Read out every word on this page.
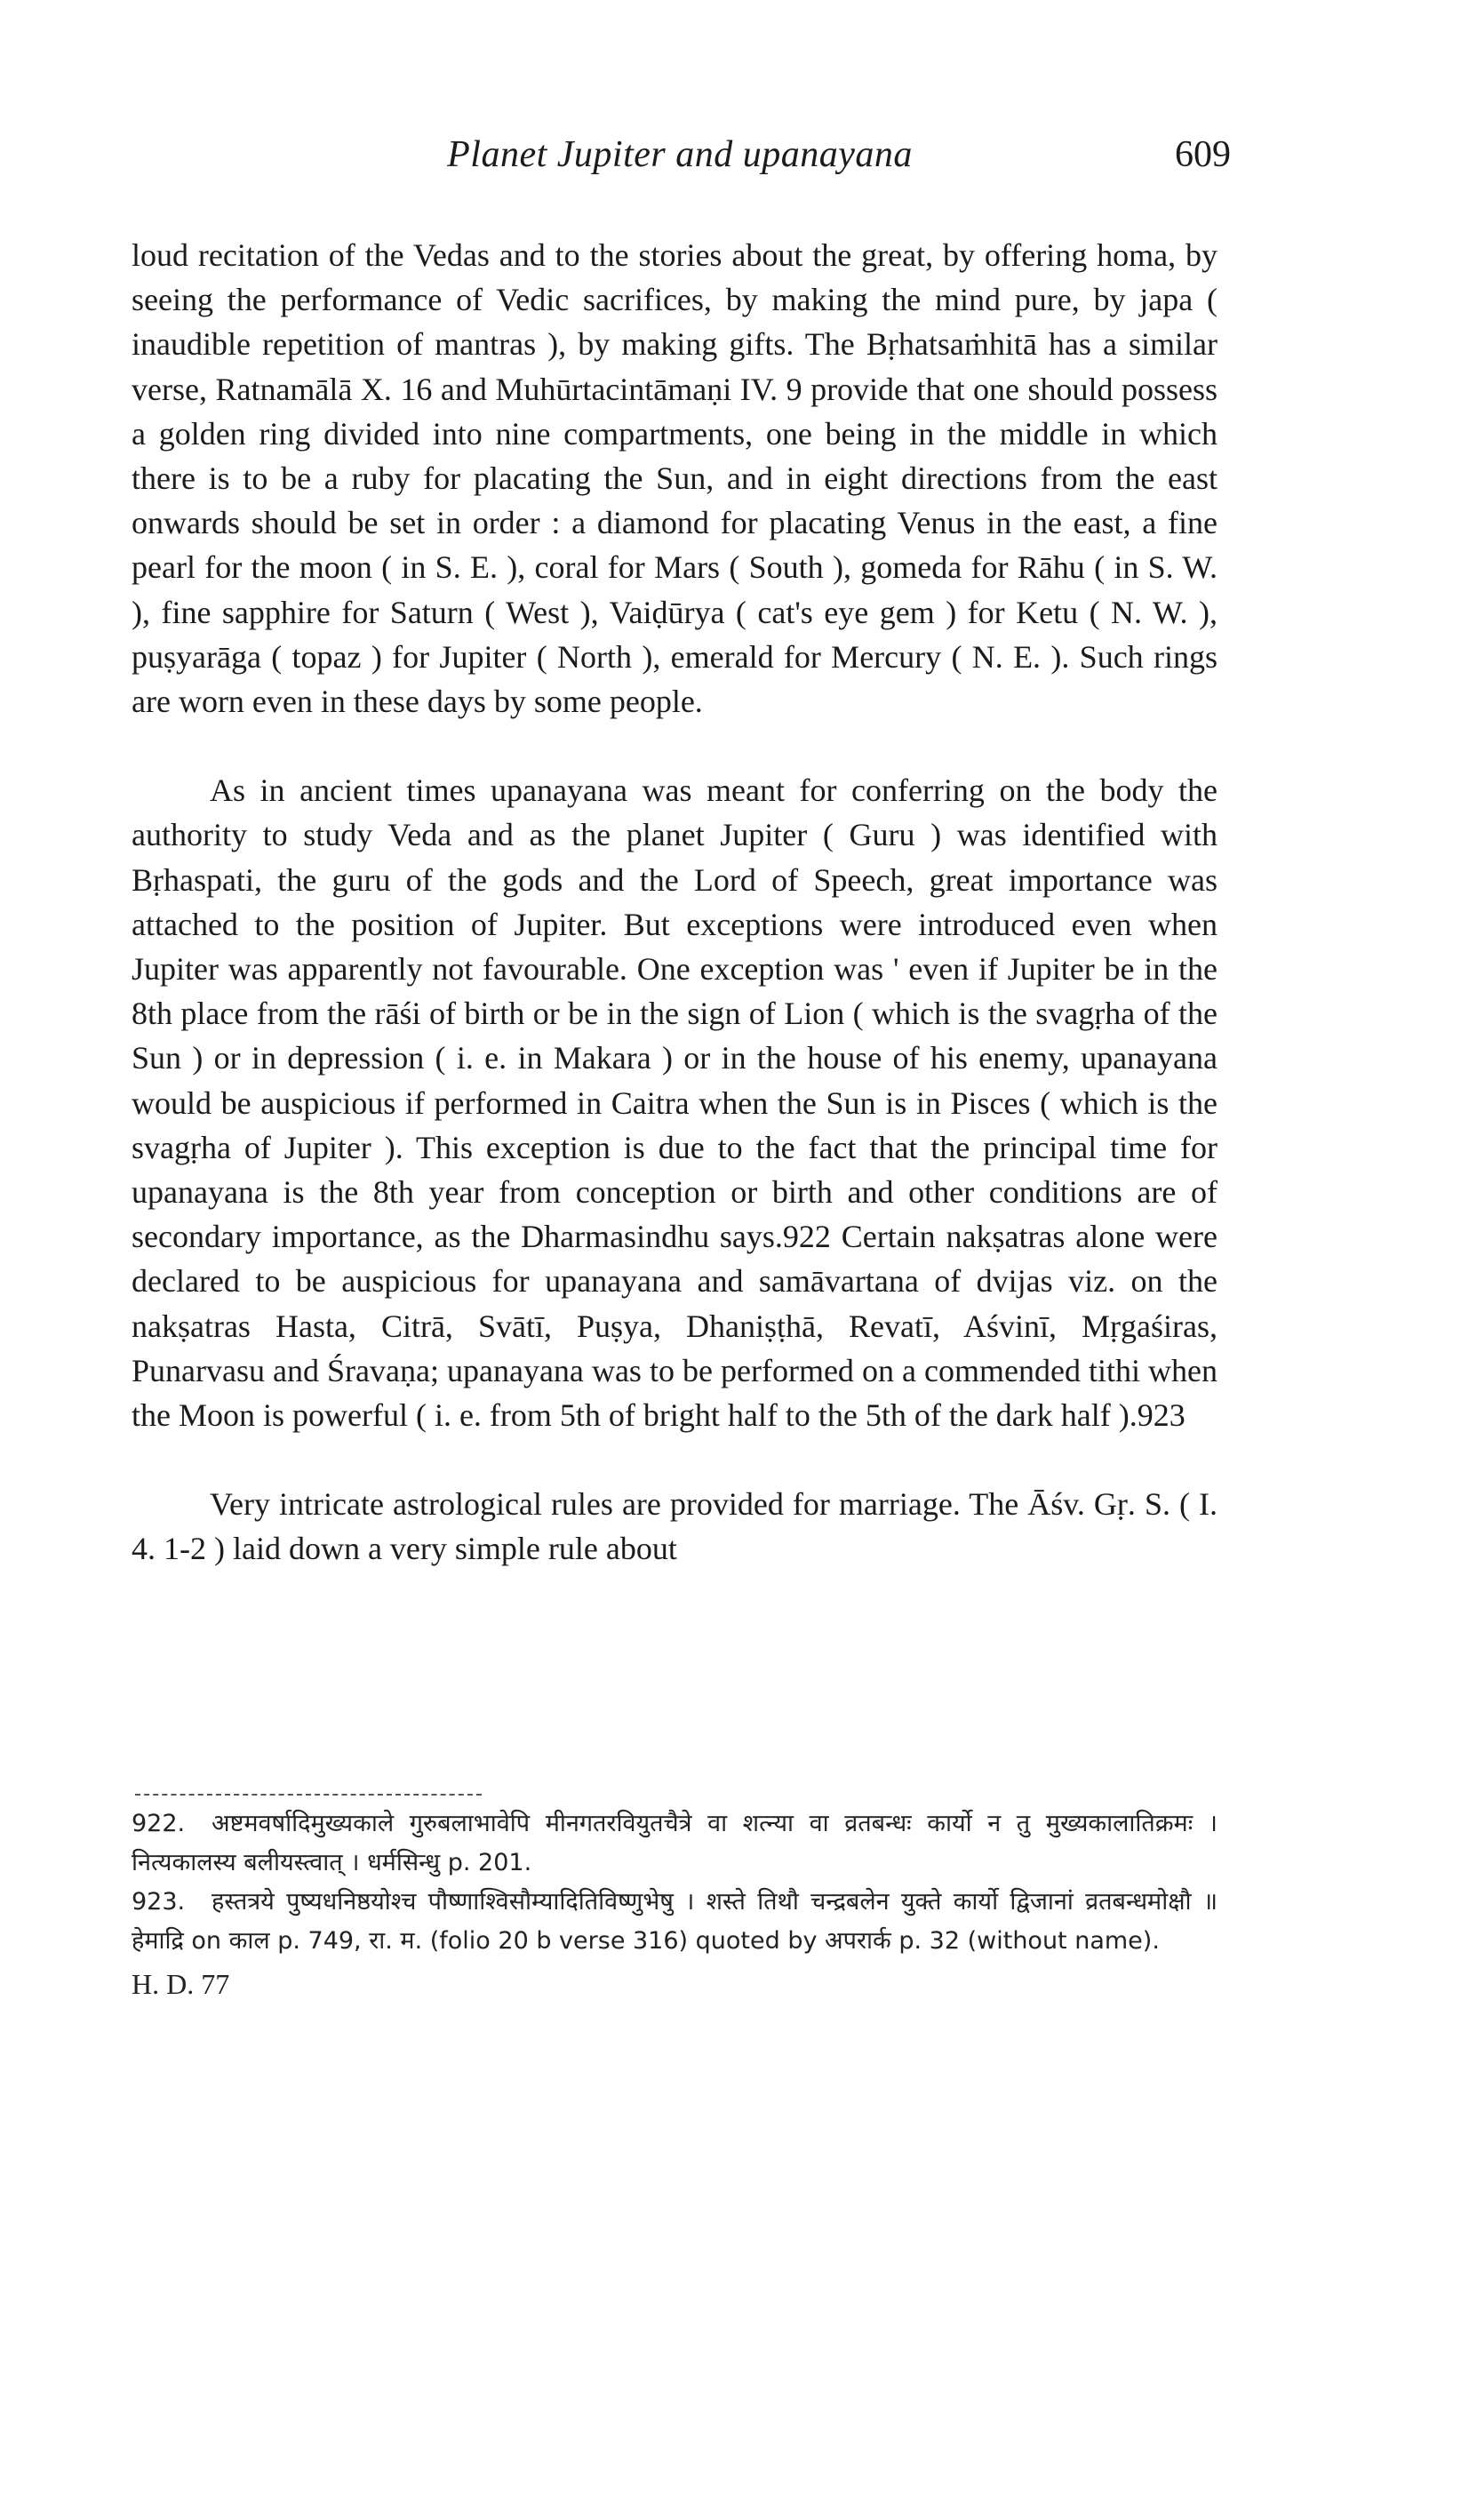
Planet Jupiter and upanayana	609

loud recitation of the Vedas and to the stories about the great, by offering homa, by seeing the performance of Vedic sacrifices, by making the mind pure, by japa ( inaudible repetition of mantras ), by making gifts. The Bṛhatsaṁhitā has a similar verse, Ratnamālā X. 16 and Muhūrtacintāmaṇi IV. 9 provide that one should possess a golden ring divided into nine compartments, one being in the middle in which there is to be a ruby for placating the Sun, and in eight directions from the east onwards should be set in order : a diamond for placating Venus in the east, a fine pearl for the moon ( in S. E. ), coral for Mars ( South ), gomeda for Rāhu ( in S. W. ), fine sapphire for Saturn ( West ), Vaiḍūrya ( cat's eye gem ) for Ketu ( N. W. ), puṣyarāga ( topaz ) for Jupiter ( North ), emerald for Mercury ( N. E. ). Such rings are worn even in these days by some people.

As in ancient times upanayana was meant for conferring on the body the authority to study Veda and as the planet Jupiter ( Guru ) was identified with Bṛhaspati, the guru of the gods and the Lord of Speech, great importance was attached to the position of Jupiter. But exceptions were introduced even when Jupiter was apparently not favourable. One exception was ' even if Jupiter be in the 8th place from the rāśi of birth or be in the sign of Lion ( which is the svagṛha of the Sun ) or in depression ( i. e. in Makara ) or in the house of his enemy, upanayana would be auspicious if performed in Caitra when the Sun is in Pisces ( which is the svagṛha of Jupiter ). This exception is due to the fact that the principal time for upanayana is the 8th year from conception or birth and other conditions are of secondary importance, as the Dharmasindhu says.922 Certain nakṣatras alone were declared to be auspicious for upanayana and samāvartana of dvijas viz. on the nakṣatras Hasta, Citrā, Svātī, Puṣya, Dhaniṣṭhā, Revatī, Aśvinī, Mṛgaśiras, Punarvasu and Śravaṇa; upanayana was to be performed on a commended tithi when the Moon is powerful ( i. e. from 5th of bright half to the 5th of the dark half ).923

Very intricate astrological rules are provided for marriage. The Āśv. Gṛ. S. ( I. 4. 1-2 ) laid down a very simple rule about

922. अष्टमवर्षादिमुख्यकाले गुरुबलाभावेपि मीनगतरवियुतचैत्रे वा शत्न्या वा व्रतबन्धः कार्यो न तु मुख्यकालातिक्रमः । नित्यकालस्य बलीयस्त्वात् । धर्मसिन्धु p. 201.

923. हस्तत्रये पुष्यधनिष्ठयोश्च पौष्णाश्विसौम्यादितिविष्णुभेषु । शस्ते तिथौ चन्द्रबलेन युक्ते कार्यो द्विजानां व्रतबन्धमोक्षौ ॥ हेमाद्रि on काल p. 749, रा. म. (folio 20 b verse 316) quoted by अपरार्क p. 32 (without name).

H. D. 77
